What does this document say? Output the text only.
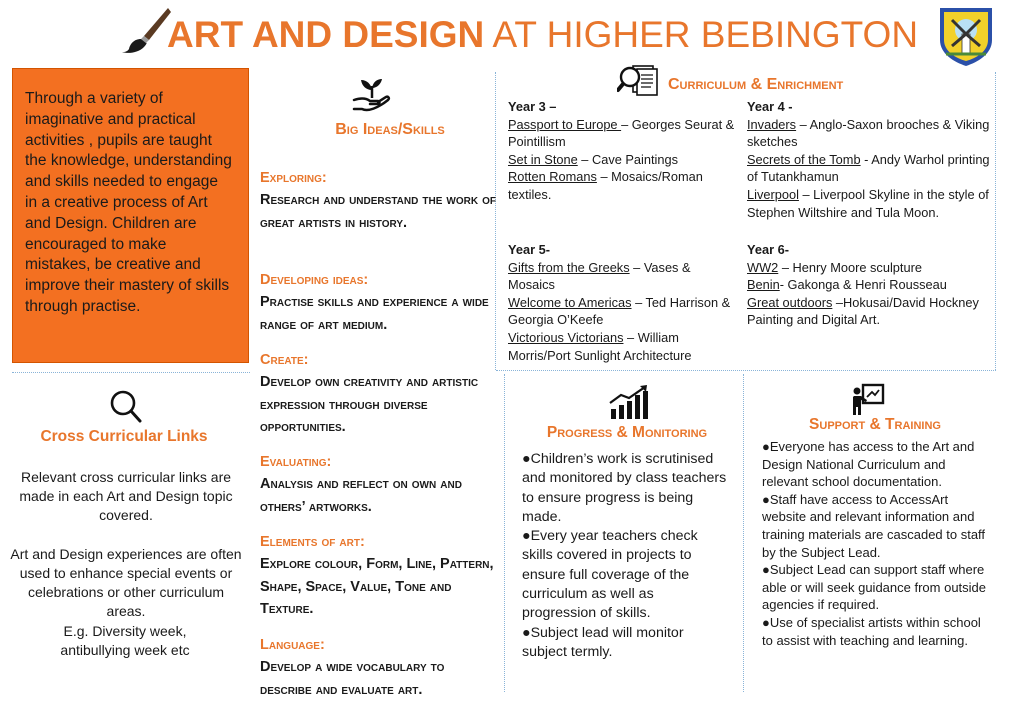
ART AND DESIGN AT HIGHER BEBINGTON

Through a variety of imaginative and practical activities , pupils are taught the knowledge, understanding and skills needed to engage in a creative process of Art and Design. Children are encouraged to make mistakes, be creative and improve their mastery of skills through practise.

Big Ideas/Skills
Exploring:
Research and understand the work of great artists in history.
Developing ideas:
Practise skills and experience a wide range of art medium.
Create:
Develop own creativity and artistic expression through diverse opportunities.
Evaluating:
Analysis and reflect on own and others’ artworks.
Elements of art:
Explore colour, Form, Line, Pattern, Shape, Space, Value, Tone and Texture.
Language:
Develop a wide vocabulary to describe and evaluate art.
Curriculum & Enrichment
Year 3 –
Passport to Europe – Georges Seurat & Pointillism
Set in Stone – Cave Paintings
Rotten Romans – Mosaics/Roman textiles.
Year 4 -
Invaders – Anglo-Saxon brooches & Viking sketches
Secrets of the Tomb - Andy Warhol printing of Tutankhamun
Liverpool – Liverpool Skyline in the style of Stephen Wiltshire and Tula Moon.
Year 5-
Gifts from the Greeks – Vases & Mosaics
Welcome to Americas – Ted Harrison & Georgia O’Keefe
Victorious Victorians – William Morris/Port Sunlight Architecture
Year 6-
WW2 – Henry Moore sculpture
Benin- Gakonga & Henri Rousseau
Great outdoors –Hokusai/David Hockney Painting and Digital Art.
Cross Curricular Links
Relevant cross curricular links are made in each Art and Design topic covered.
Art and Design experiences are often used to enhance special events or celebrations or other curriculum areas.
E.g. Diversity week, antibullying week etc
Progress & Monitoring

●Children’s work is scrutinised and monitored by class teachers to ensure progress is being made.

●Every year teachers check skills covered in projects to ensure full coverage of the curriculum as well as progression of skills.

●Subject lead will monitor subject termly.

Support & Training

●Everyone has access to the Art and Design National Curriculum and relevant school documentation.

●Staff have access to AccessArt website and relevant information and training materials are cascaded to staff by the Subject Lead.

●Subject Lead can support staff where able or will seek guidance from outside agencies if required.

●Use of specialist artists within school to assist with teaching and learning.
